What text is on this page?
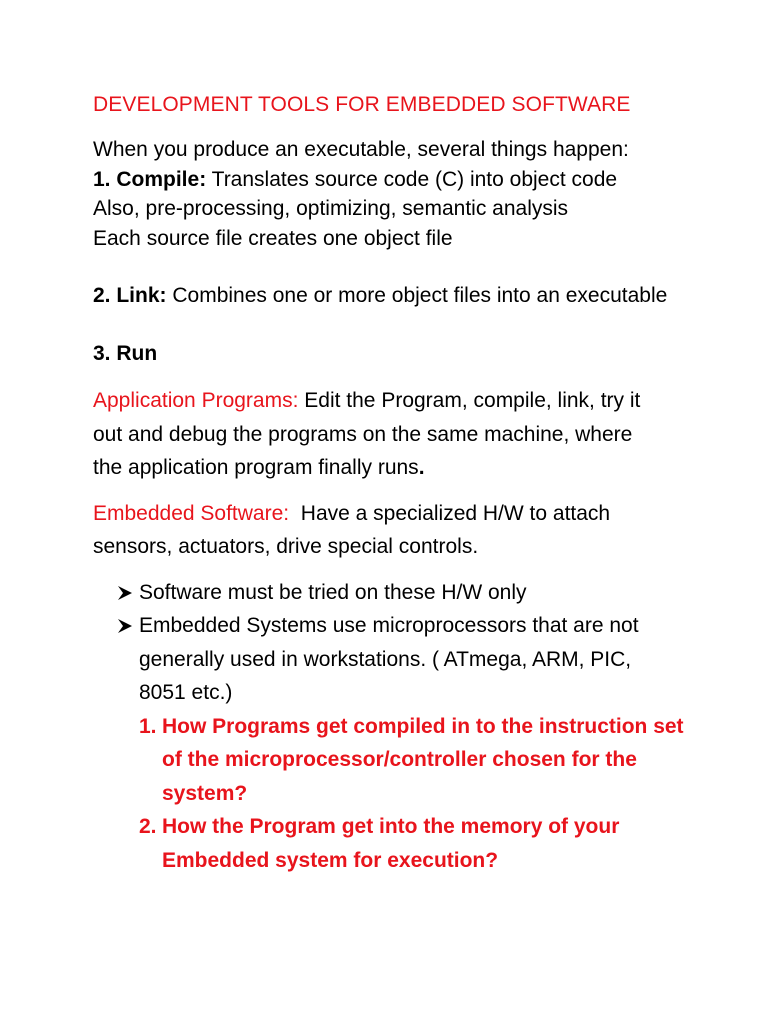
DEVELOPMENT TOOLS FOR EMBEDDED SOFTWARE
When you produce an executable, several things happen:
1. Compile: Translates source code (C) into object code
Also, pre-processing, optimizing, semantic analysis
Each source file creates one object file
2. Link: Combines one or more object files into an executable
3. Run
Application Programs: Edit the Program, compile, link, try it
out and debug the programs on the same machine, where
the application program finally runs.
Embedded Software:  Have a specialized H/W to attach
sensors, actuators, drive special controls.
Software must be tried on these H/W only
Embedded Systems use microprocessors that are not
generally used in workstations. ( ATmega, ARM, PIC,
8051 etc.)
1. How Programs get compiled in to the instruction set
of the microprocessor/controller chosen for the
system?
2. How the Program get into the memory of your
Embedded system for execution?
